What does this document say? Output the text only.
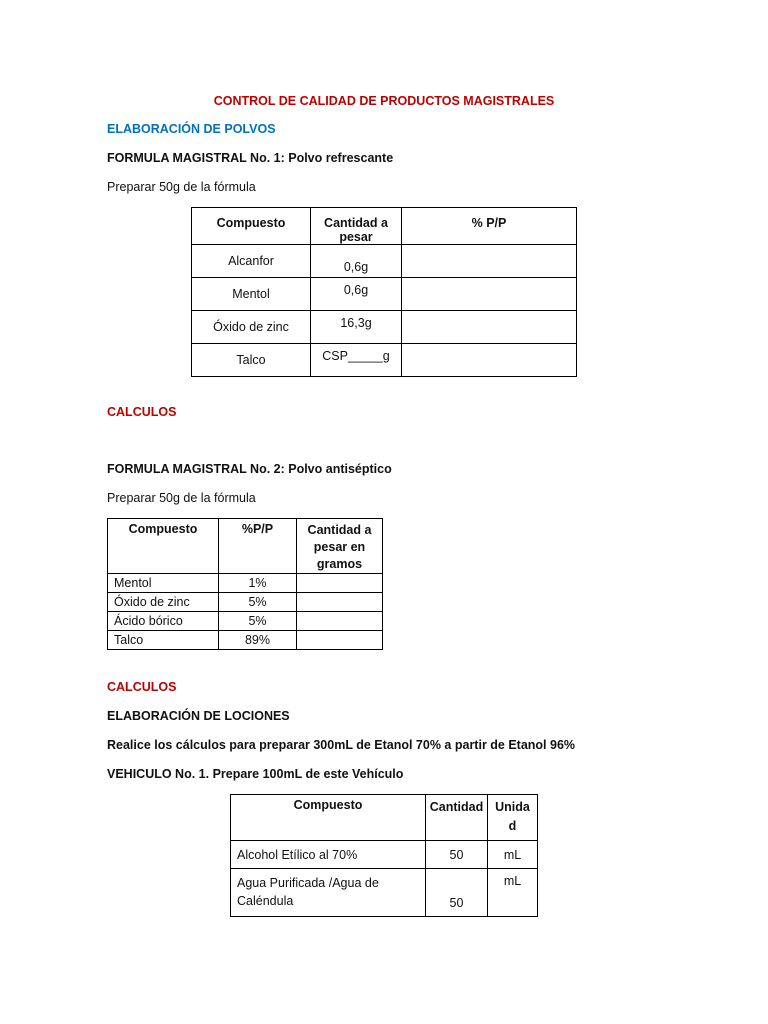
CONTROL DE CALIDAD DE PRODUCTOS MAGISTRALES
ELABORACIÓN DE POLVOS
FORMULA MAGISTRAL No. 1: Polvo refrescante
Preparar 50g de la fórmula
Compuesto	Cantidad a pesar	% P/P
Alcanfor	0,6g	
Mentol	0,6g	
Óxido de zinc	16,3g	
Talco	CSP_____g	
CALCULOS
FORMULA MAGISTRAL No. 2: Polvo antiséptico
Preparar 50g de la fórmula
Compuesto	%P/P	Cantidad a pesar en gramos
Mentol	1%	
Óxido de zinc	5%	
Ácido bórico	5%	
Talco	89%	
CALCULOS
ELABORACIÓN DE LOCIONES
Realice los cálculos para preparar 300mL de Etanol 70% a partir de Etanol 96%
VEHICULO No. 1. Prepare 100mL de este Vehículo
Compuesto	Cantidad	Unidad
Alcohol Etílico al 70%	50	mL
Agua Purificada /Agua de Caléndula	50	mL
